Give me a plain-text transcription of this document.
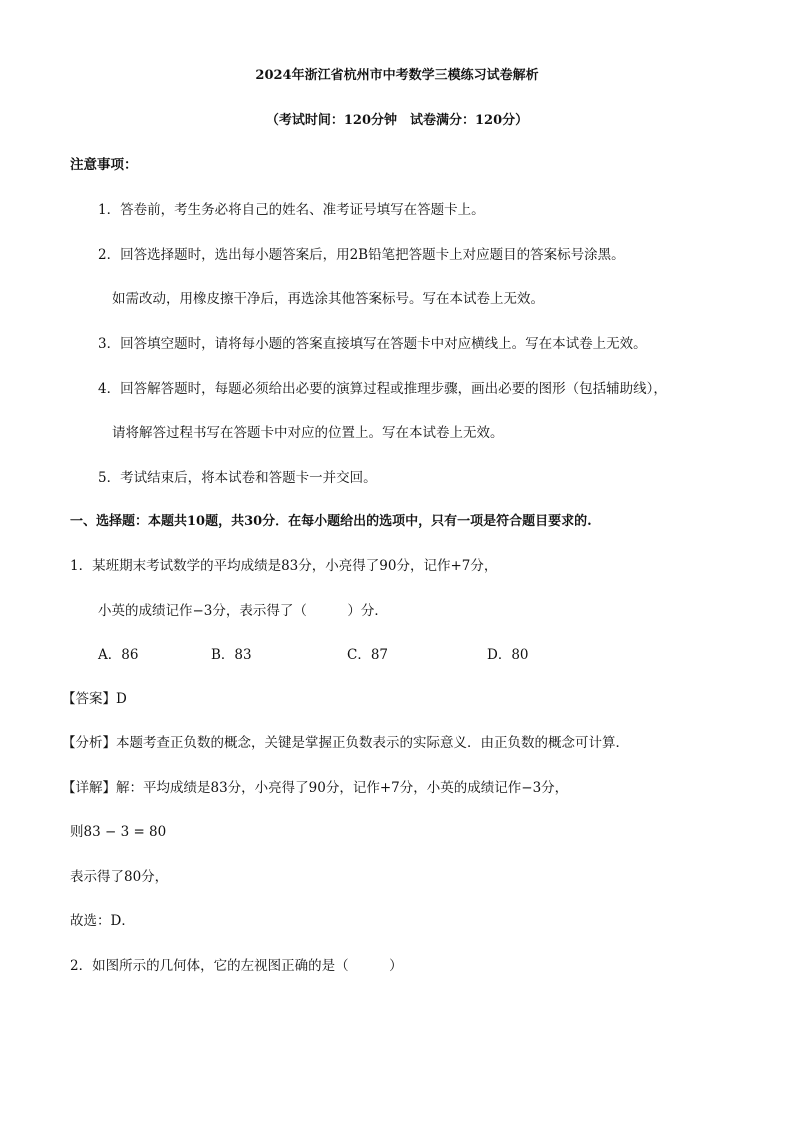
2024年浙江省杭州市中考数学三模练习试卷解析
（考试时间：120分钟　试卷满分：120分）
注意事项：
1．答卷前，考生务必将自己的姓名、准考证号填写在答题卡上。
2．回答选择题时，选出每小题答案后，用2B铅笔把答题卡上对应题目的答案标号涂黑。
如需改动，用橡皮擦干净后，再选涂其他答案标号。写在本试卷上无效。
3．回答填空题时，请将每小题的答案直接填写在答题卡中对应横线上。写在本试卷上无效。
4．回答解答题时，每题必须给出必要的演算过程或推理步骤，画出必要的图形（包括辅助线），
请将解答过程书写在答题卡中对应的位置上。写在本试卷上无效。
5．考试结束后，将本试卷和答题卡一并交回。
一、选择题：本题共10题，共30分．在每小题给出的选项中，只有一项是符合题目要求的.
1．某班期末考试数学的平均成绩是83分，小亮得了90分，记作+7分，
小英的成绩记作−3分，表示得了（　　　）分．
A．86	B．83	C．87	D．80
【答案】D
【分析】本题考查正负数的概念，关键是掌握正负数表示的实际意义．由正负数的概念可计算．
【详解】解：平均成绩是83分，小亮得了90分，记作+7分，小英的成绩记作−3分，
则83 − 3 = 80
表示得了80分，
故选：D．
2．如图所示的几何体，它的左视图正确的是（　　　）
